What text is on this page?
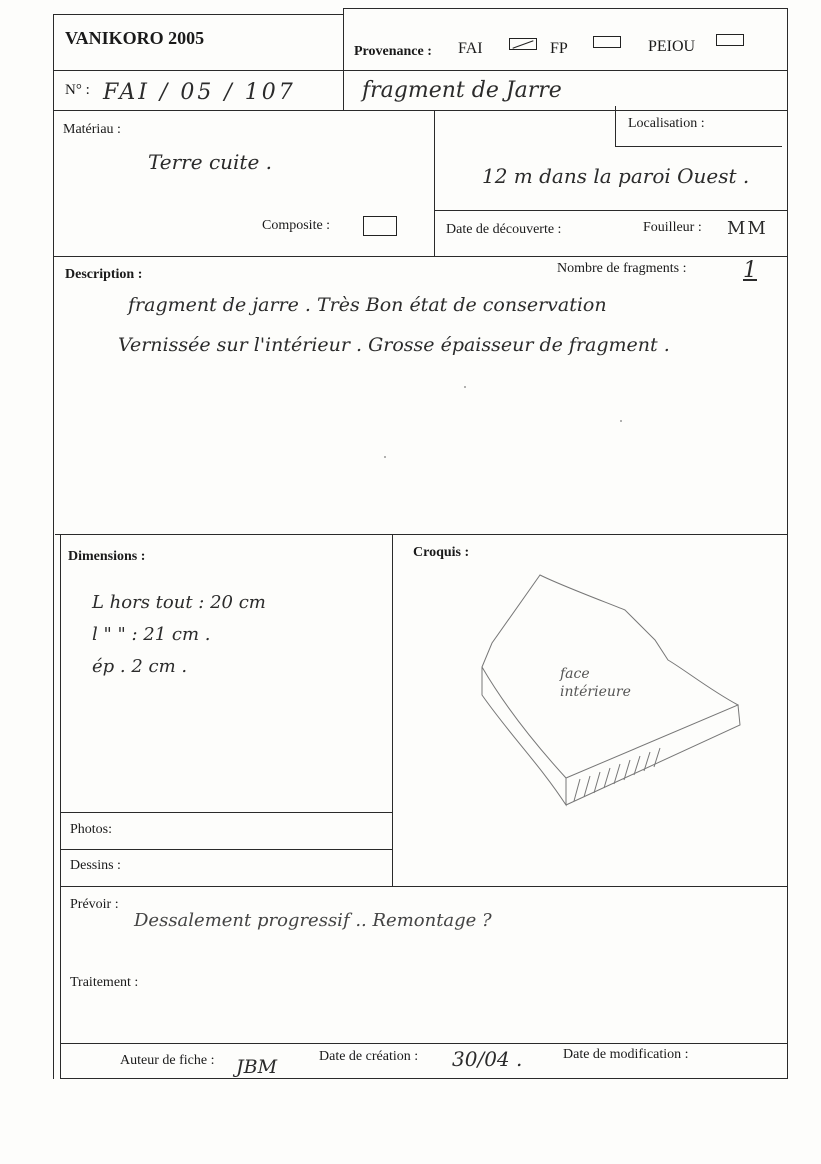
VANIKORO 2005
Provenance : FAI	FP	PEIOU
N° : FAI / 05 / 107	fragment de Jarre
Matériau :
Terre cuite .
Composite :
Localisation :
12 m dans la paroi Ouest .
Date de découverte :	Fouilleur : MM
Description :	Nombre de fragments :	1
fragment de jarre . Très Bon état de conservation
Vernissée sur l'intérieur . Grosse épaisseur de fragment .
Dimensions :
L hors tout : 20 cm
l " " : 21 cm .
ép . 2 cm .
Croquis :
face intérieure
Photos:
Dessins :
Prévoir :
Dessalement progressif .. Remontage ?
Traitement :
Auteur de fiche : JBM	Date de création : 30/04 .	Date de modification :
